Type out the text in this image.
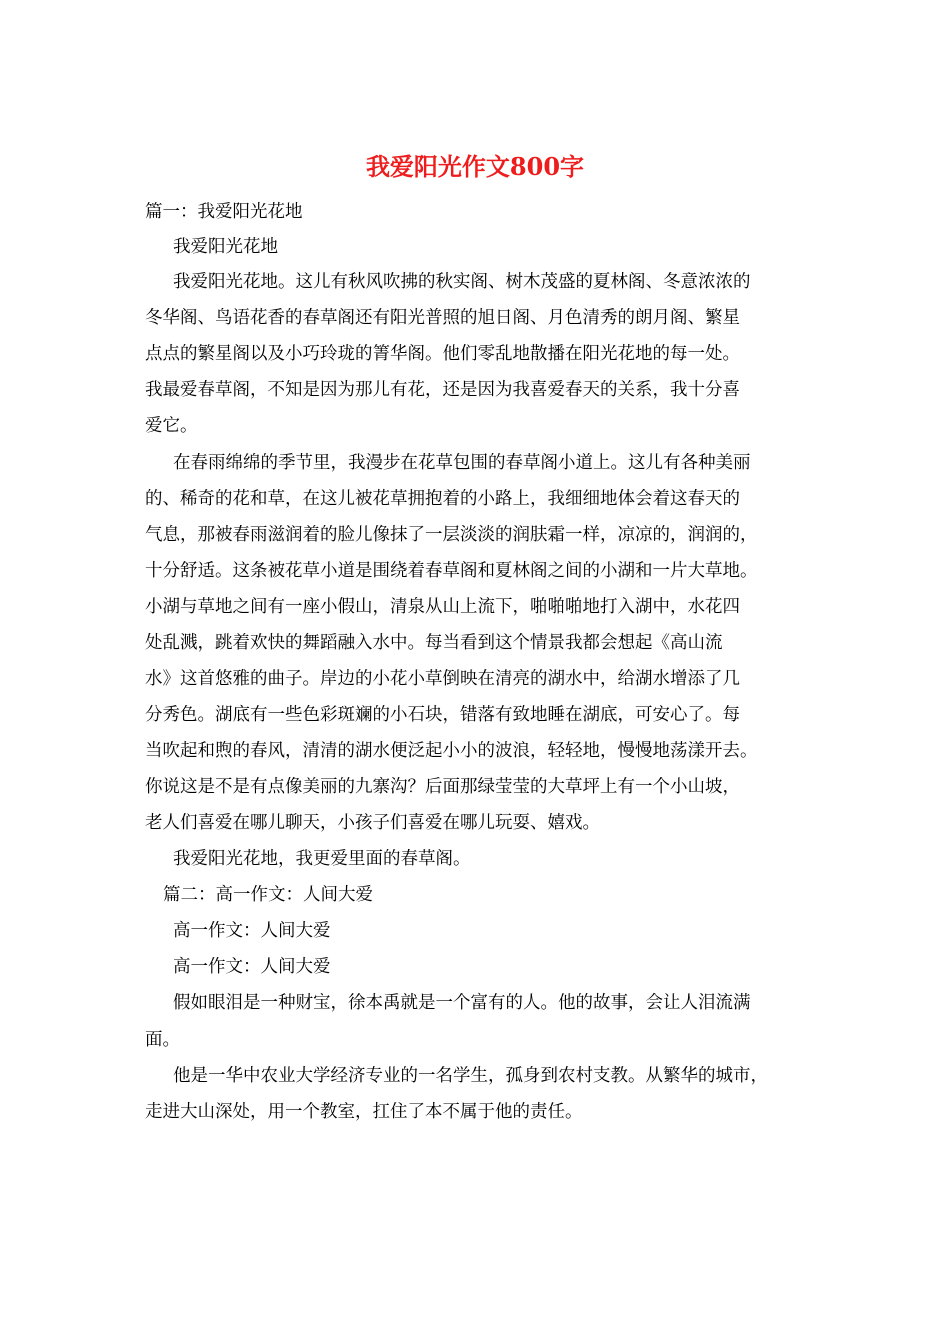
我爱阳光作文800字
篇一：我爱阳光花地
我爱阳光花地
我爱阳光花地。这儿有秋风吹拂的秋实阁、树木茂盛的夏林阁、冬意浓浓的
冬华阁、鸟语花香的春草阁还有阳光普照的旭日阁、月色清秀的朗月阁、繁星
点点的繁星阁以及小巧玲珑的箐华阁。他们零乱地散播在阳光花地的每一处。
我最爱春草阁，不知是因为那儿有花，还是因为我喜爱春天的关系，我十分喜
爱它。
在春雨绵绵的季节里，我漫步在花草包围的春草阁小道上。这儿有各种美丽
的、稀奇的花和草，在这儿被花草拥抱着的小路上，我细细地体会着这春天的
气息，那被春雨滋润着的脸儿像抹了一层淡淡的润肤霜一样，凉凉的，润润的，
十分舒适。这条被花草小道是围绕着春草阁和夏林阁之间的小湖和一片大草地。
小湖与草地之间有一座小假山，清泉从山上流下，啪啪啪地打入湖中，水花四
处乱溅，跳着欢快的舞蹈融入水中。每当看到这个情景我都会想起《高山流
水》这首悠雅的曲子。岸边的小花小草倒映在清亮的湖水中，给湖水增添了几
分秀色。湖底有一些色彩斑斓的小石块，错落有致地睡在湖底，可安心了。每
当吹起和煦的春风，清清的湖水便泛起小小的波浪，轻轻地，慢慢地荡漾开去。
你说这是不是有点像美丽的九寨沟？后面那绿莹莹的大草坪上有一个小山坡，
老人们喜爱在哪儿聊天，小孩子们喜爱在哪儿玩耍、嬉戏。
我爱阳光花地，我更爱里面的春草阁。
篇二：高一作文：人间大爱
高一作文：人间大爱
高一作文：人间大爱
假如眼泪是一种财宝，徐本禹就是一个富有的人。他的故事，会让人泪流满
面。
他是一华中农业大学经济专业的一名学生，孤身到农村支教。从繁华的城市，
走进大山深处，用一个教室，扛住了本不属于他的责任。
